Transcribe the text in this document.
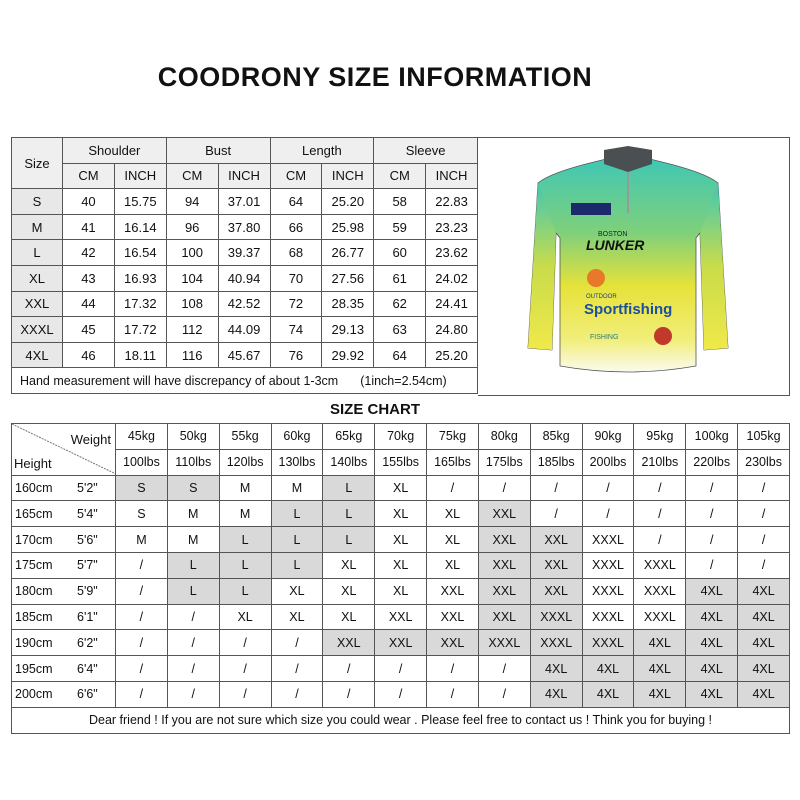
COODRONY SIZE INFORMATION
Size	Shoulder		Bust		Length		Sleeve	
	CM	INCH	CM	INCH	CM	INCH	CM	INCH
S	40	15.75	94	37.01	64	25.20	58	22.83
M	41	16.14	96	37.80	66	25.98	59	23.23
L	42	16.54	100	39.37	68	26.77	60	23.62
XL	43	16.93	104	40.94	70	27.56	61	24.02
XXL	44	17.32	108	42.52	72	28.35	62	24.41
XXXL	45	17.72	112	44.09	74	29.13	63	24.80
4XL	46	18.11	116	45.67	76	29.92	64	25.20
Hand measurement will have discrepancy of about 1-3cm (1inch=2.54cm)								
BOSTON
LUNKER
OUTDOOR
Sportfishing
FISHING
SIZE CHART
Weight
Height	45kg	50kg	55kg	60kg	65kg	70kg	75kg	80kg	85kg	90kg	95kg	100kg	105kg
	100lbs	110lbs	120lbs	130lbs	140lbs	155lbs	165lbs	175lbs	185lbs	200lbs	210lbs	220lbs	230lbs
160cm 5'2"	S	S	M	M	L	XL	/	/	/	/	/	/	/
165cm 5'4"	S	M	M	L	L	XL	XL	XXL	/	/	/	/	/
170cm 5'6"	M	M	L	L	L	XL	XL	XXL	XXL	XXXL	/	/	/
175cm 5'7"	/	L	L	L	XL	XL	XL	XXL	XXL	XXXL	XXXL	/	/
180cm 5'9"	/	L	L	XL	XL	XL	XXL	XXL	XXL	XXXL	XXXL	4XL	4XL
185cm 6'1"	/	/	XL	XL	XL	XXL	XXL	XXL	XXXL	XXXL	XXXL	4XL	4XL
190cm 6'2"	/	/	/	/	XXL	XXL	XXL	XXXL	XXXL	XXXL	4XL	4XL	4XL
195cm 6'4"	/	/	/	/	/	/	/	/	4XL	4XL	4XL	4XL	4XL
200cm 6'6"	/	/	/	/	/	/	/	/	4XL	4XL	4XL	4XL	4XL
Dear friend ! If you are not sure which size you could wear . Please feel free to contact us ! Think you for buying !													
